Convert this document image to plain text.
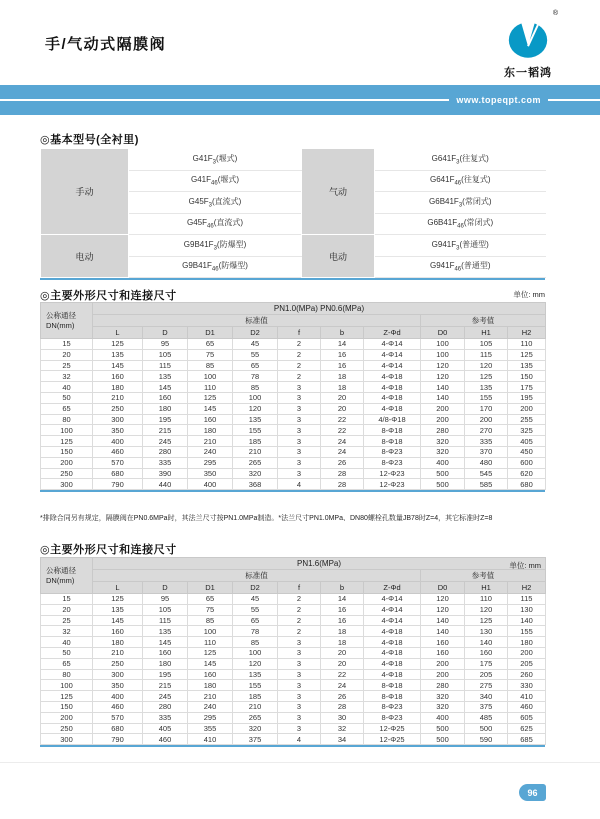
手/气动式隔膜阀
®
东一韬鸿
www.topeqpt.com
◎基本型号(全衬里)
手动	$G41F_3$(堰式)	气动	$G641F_3$(往复式)
	$G41F_{46}$(堰式)		$G641F_{46}$(往复式)
	$G45F_3$(直流式)		$G6B41F_3$(常闭式)
	$G45F_{46}$(直流式)		$G6B41F_{46}$(常闭式)
电动	$G9B41F_3$(防爆型)	电动	$G941F_3$(普通型)
	$G9B41F_{46}$(防爆型)		$G941F_{46}$(普通型)
◎主要外形尺寸和连接尺寸	单位: mm
公称通径
DN(mm)	PN1.0(MPa) PN0.6(MPa)									
	标准值							参考值		
	L	D	D1	D2	f	b	Z-Φd	D0	H1	H2
15	125	95	65	45	2	14	4-Φ14	100	105	110
20	135	105	75	55	2	16	4-Φ14	100	115	125
25	145	115	85	65	2	16	4-Φ14	120	120	135
32	160	135	100	78	2	18	4-Φ18	120	125	150
40	180	145	110	85	3	18	4-Φ18	140	135	175
50	210	160	125	100	3	20	4-Φ18	140	155	195
65	250	180	145	120	3	20	4-Φ18	200	170	200
80	300	195	160	135	3	22	4/8-Φ18	200	200	255
100	350	215	180	155	3	22	8-Φ18	280	270	325
125	400	245	210	185	3	24	8-Φ18	320	335	405
150	460	280	240	210	3	24	8-Φ23	320	370	450
200	570	335	295	265	3	26	8-Φ23	400	480	600
250	680	390	350	320	3	28	12-Φ23	500	545	620
300	790	440	400	368	4	28	12-Φ23	500	585	680
*排除合同另有规定，隔膜阀在PN0.6MPa时，其法兰尺寸按PN1.0MPa制造。*法兰尺寸PN1.0MPa、DN80螺栓孔数量JB78时Z=4，其它标准时Z=8
◎主要外形尺寸和连接尺寸
公称通径
DN(mm)
	PN1.6(MPa)	单位: mm

	标准值							参考值		
	L	D	D1	D2	f	b	Z-Φd	D0	H1	H2
15	125	95	65	45	2	14	4-Φ14	120	110	115
20	135	105	75	55	2	16	4-Φ14	120	120	130
25	145	115	85	65	2	16	4-Φ14	140	125	140
32	160	135	100	78	2	18	4-Φ18	140	130	155
40	180	145	110	85	3	18	4-Φ18	160	140	180
50	210	160	125	100	3	20	4-Φ18	160	160	200
65	250	180	145	120	3	20	4-Φ18	200	175	205
80	300	195	160	135	3	22	4-Φ18	200	205	260
100	350	215	180	155	3	24	8-Φ18	280	275	330
125	400	245	210	185	3	26	8-Φ18	320	340	410
150	460	280	240	210	3	28	8-Φ23	320	375	460
200	570	335	295	265	3	30	8-Φ23	400	485	605
250	680	405	355	320	3	32	12-Φ25	500	500	625
300	790	460	410	375	4	34	12-Φ25	500	590	685
96
